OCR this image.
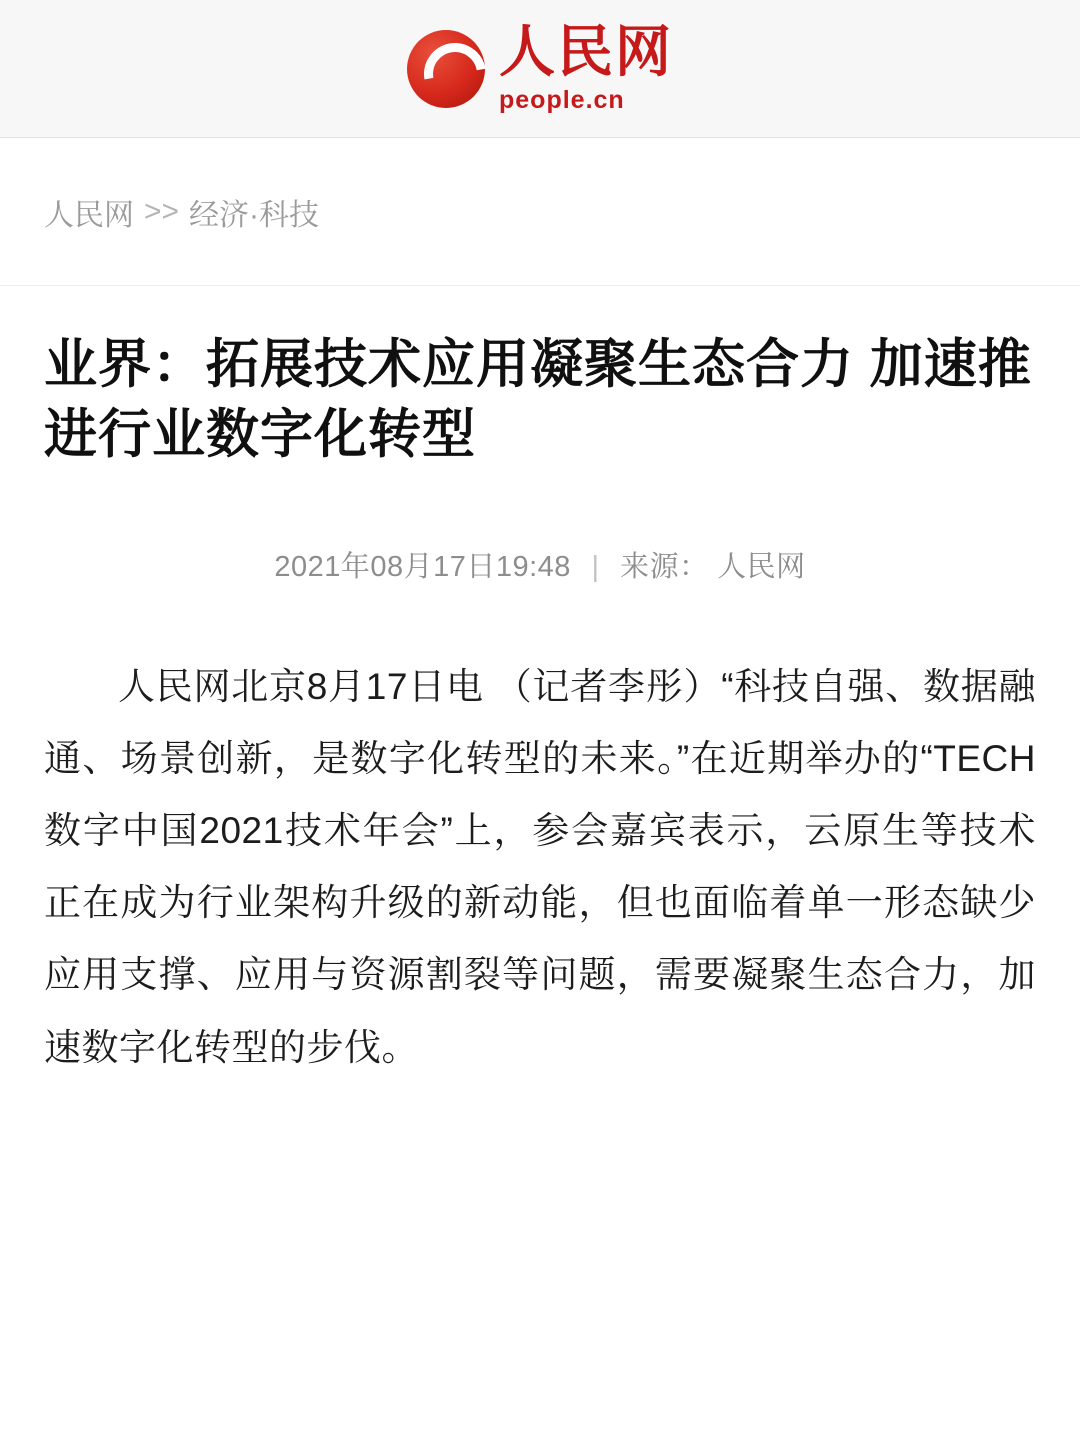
人民网
people.cn
人民网 >> 经济·科技
业界：拓展技术应用凝聚生态合力 加速推进行业数字化转型
2021年08月17日19:48 | 来源： 人民网

人民网北京8月17日电 （记者李彤）“科技自强、数据融通、场景创新，是数字化转型的未来。”在近期举办的“TECH数字中国2021技术年会”上，参会嘉宾表示，云原生等技术正在成为行业架构升级的新动能，但也面临着单一形态缺少应用支撑、应用与资源割裂等问题，需要凝聚生态合力，加速数字化转型的步伐。
